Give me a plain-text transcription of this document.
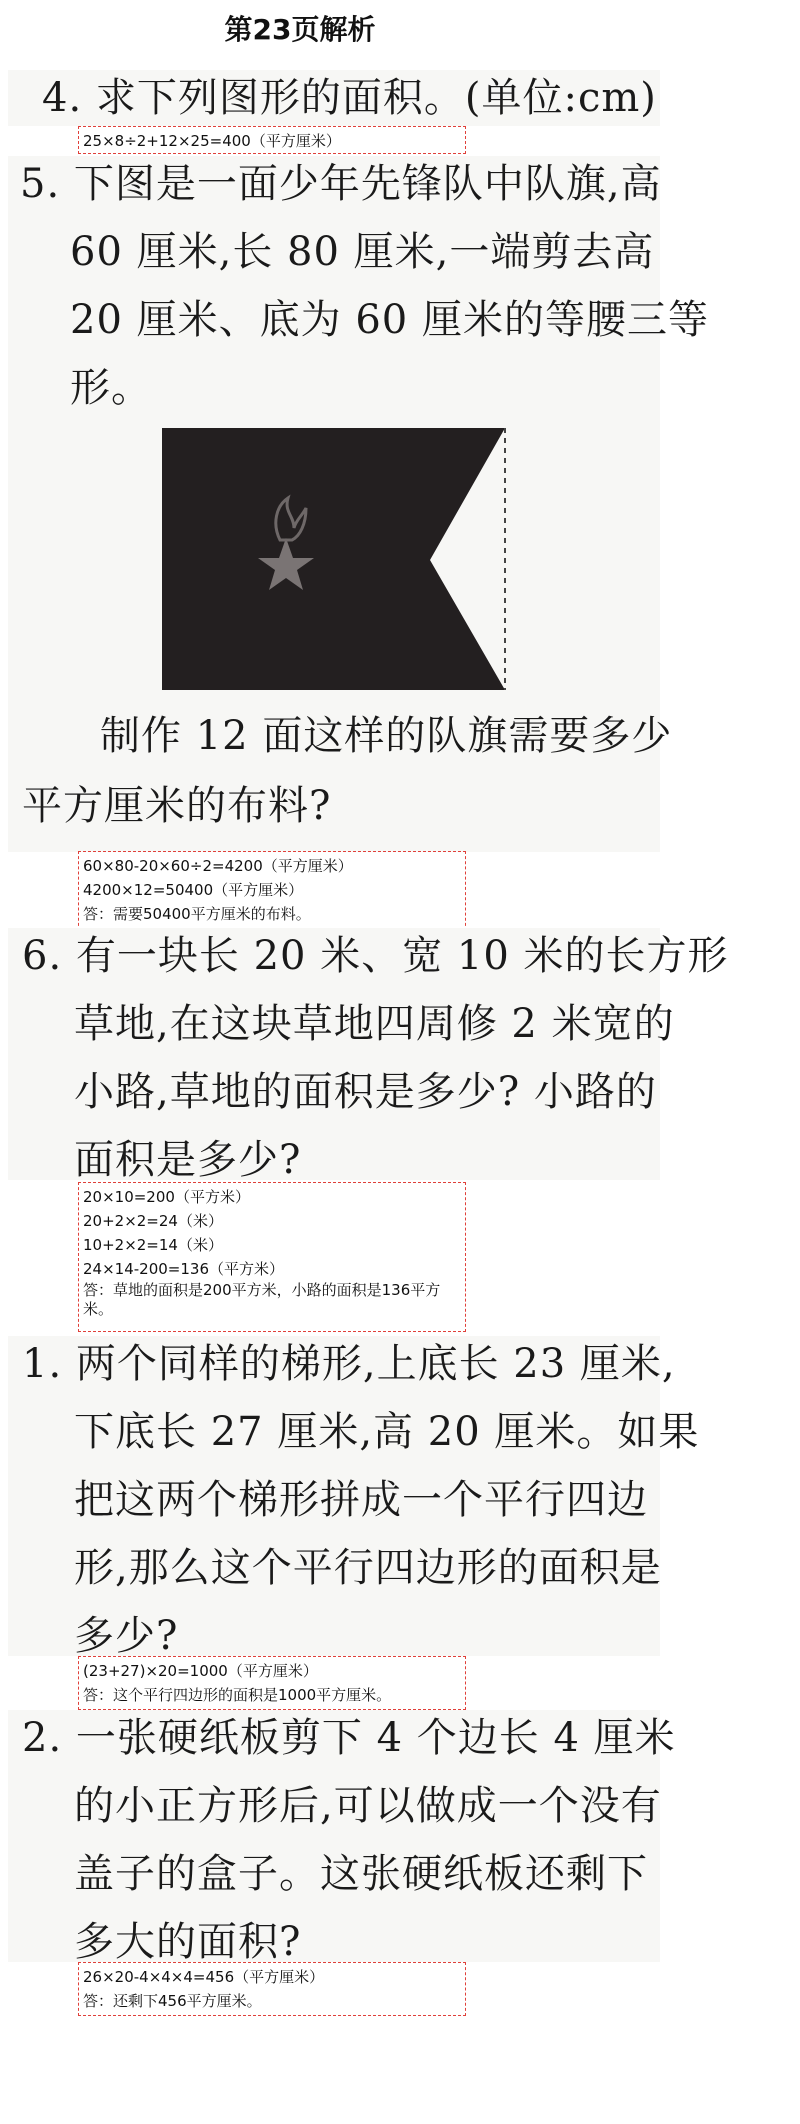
第23页解析
4. 求下列图形的面积。(单位:cm)
25×8÷2+12×25=400（平方厘米）
5. 下图是一面少年先锋队中队旗,高
60 厘米,长 80 厘米,一端剪去高
20 厘米、底为 60 厘米的等腰三等
形。
制作 12 面这样的队旗需要多少
平方厘米的布料?
60×80-20×60÷2=4200（平方厘米）
4200×12=50400（平方厘米）
答：需要50400平方厘米的布料。
6. 有一块长 20 米、宽 10 米的长方形
草地,在这块草地四周修 2 米宽的
小路,草地的面积是多少? 小路的
面积是多少?
20×10=200（平方米）
20+2×2=24（米）
10+2×2=14（米）
24×14-200=136（平方米）
答：草地的面积是200平方米，小路的面积是136平方米。
1. 两个同样的梯形,上底长 23 厘米,
下底长 27 厘米,高 20 厘米。如果
把这两个梯形拼成一个平行四边
形,那么这个平行四边形的面积是
多少?
(23+27)×20=1000（平方厘米）
答：这个平行四边形的面积是1000平方厘米。
2. 一张硬纸板剪下 4 个边长 4 厘米
的小正方形后,可以做成一个没有
盖子的盒子。这张硬纸板还剩下
多大的面积?
26×20-4×4×4=456（平方厘米）
答：还剩下456平方厘米。
